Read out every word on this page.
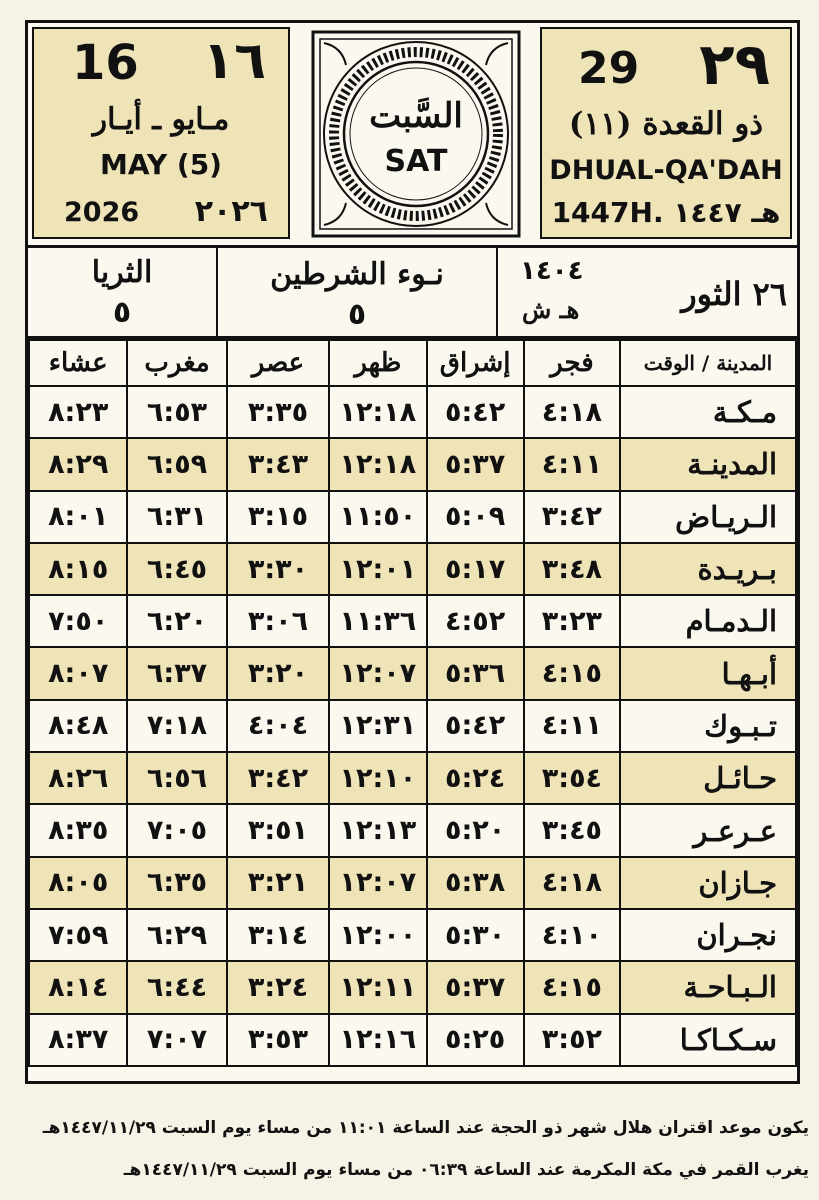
16 ١٦
مـايو ـ أيـار
MAY (5)
2026 ٢٠٢٦
السَّبت
SAT
29 ٢٩
ذو القعدة (١١)
DHUAL-QA'DAH
1447H. هـ ١٤٤٧
الثريا
٥
نـوء الشرطين
٥
١٤٠٤
هـ ش	٢٦ الثور
المدينة / الوقت	فجر	إشراق	ظهر	عصر	مغرب	عشاء
مـكـة	٤:١٨	٥:٤٢	١٢:١٨	٣:٣٥	٦:٥٣	٨:٢٣
المدينـة	٤:١١	٥:٣٧	١٢:١٨	٣:٤٣	٦:٥٩	٨:٢٩
الـريـاض	٣:٤٢	٥:٠٩	١١:٥٠	٣:١٥	٦:٣١	٨:٠١
بـريـدة	٣:٤٨	٥:١٧	١٢:٠١	٣:٣٠	٦:٤٥	٨:١٥
الـدمـام	٣:٢٣	٤:٥٢	١١:٣٦	٣:٠٦	٦:٢٠	٧:٥٠
أبـهـا	٤:١٥	٥:٣٦	١٢:٠٧	٣:٢٠	٦:٣٧	٨:٠٧
تـبـوك	٤:١١	٥:٤٢	١٢:٣١	٤:٠٤	٧:١٨	٨:٤٨
حـائـل	٣:٥٤	٥:٢٤	١٢:١٠	٣:٤٢	٦:٥٦	٨:٢٦
عـرعـر	٣:٤٥	٥:٢٠	١٢:١٣	٣:٥١	٧:٠٥	٨:٣٥
جـازان	٤:١٨	٥:٣٨	١٢:٠٧	٣:٢١	٦:٣٥	٨:٠٥
نجـران	٤:١٠	٥:٣٠	١٢:٠٠	٣:١٤	٦:٢٩	٧:٥٩
الـبـاحـة	٤:١٥	٥:٣٧	١٢:١١	٣:٢٤	٦:٤٤	٨:١٤
سـكـاكـا	٣:٥٢	٥:٢٥	١٢:١٦	٣:٥٣	٧:٠٧	٨:٣٧
يكون موعد اقتران هلال شهر ذو الحجة عند الساعة ١١:٠١ من مساء يوم السبت ١٤٤٧/١١/٢٩هـ
يغرب القمر في مكة المكرمة عند الساعة ٠٦:٣٩ من مساء يوم السبت ١٤٤٧/١١/٢٩هـ
